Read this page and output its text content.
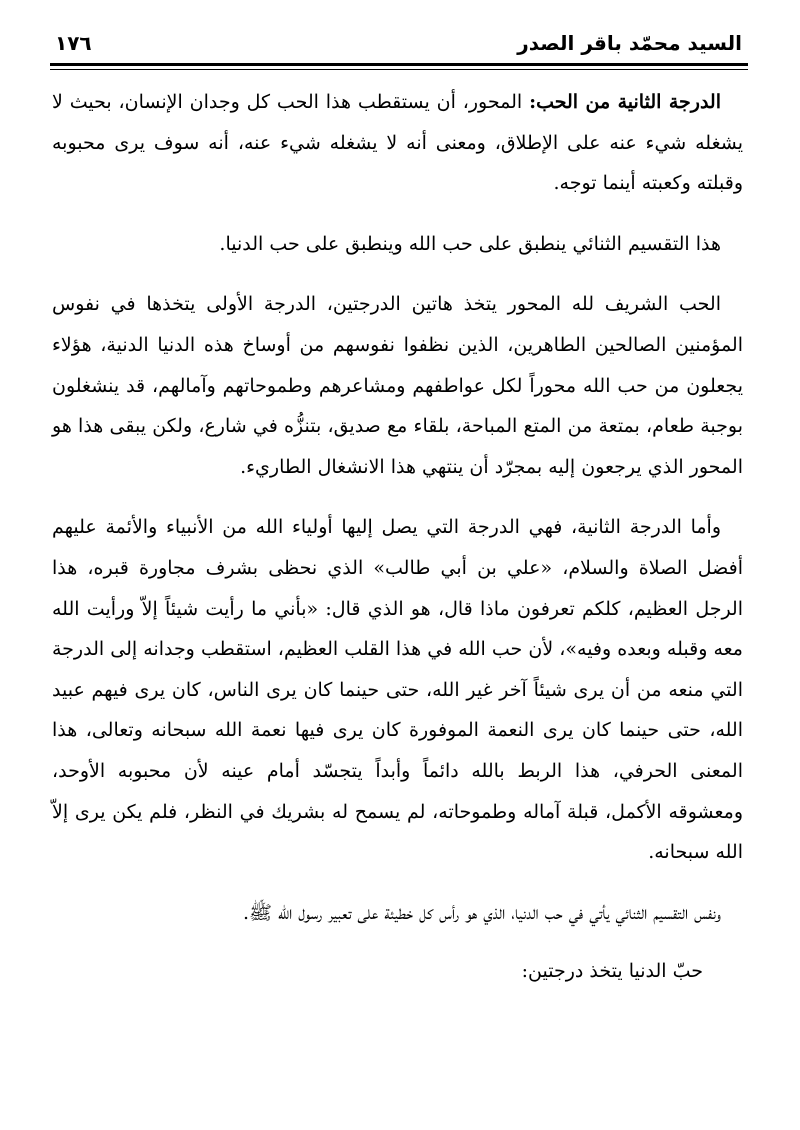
السيد محمّد باقر الصدر
١٧٦

الدرجة الثانية من الحب: المحور، أن يستقطب هذا الحب كل وجدان الإنسان، بحيث لا يشغله شيء عنه على الإطلاق، ومعنى أنه لا يشغله شيء عنه، أنه سوف يرى محبوبه وقبلته وكعبته أينما توجه.

هذا التقسيم الثنائي ينطبق على حب الله وينطبق على حب الدنيا.

الحب الشريف لله المحور يتخذ هاتين الدرجتين، الدرجة الأولى يتخذها في نفوس المؤمنين الصالحين الطاهرين، الذين نظفوا نفوسهم من أوساخ هذه الدنيا الدنية، هؤلاء يجعلون من حب الله محوراً لكل عواطفهم ومشاعرهم وطموحاتهم وآمالهم، قد ينشغلون بوجبة طعام، بمتعة من المتع المباحة، بلقاء مع صديق، بتنزُّه في شارع، ولكن يبقى هذا هو المحور الذي يرجعون إليه بمجرّد أن ينتهي هذا الانشغال الطاريء.

وأما الدرجة الثانية، فهي الدرجة التي يصل إليها أولياء الله من الأنبياء والأئمة عليهم أفضل الصلاة والسلام، «علي بن أبي طالب» الذي نحظى بشرف مجاورة قبره، هذا الرجل العظيم، كلكم تعرفون ماذا قال، هو الذي قال: «بأني ما رأيت شيئاً إلاّ ورأيت الله معه وقبله وبعده وفيه»، لأن حب الله في هذا القلب العظيم، استقطب وجدانه إلى الدرجة التي منعه من أن يرى شيئاً آخر غير الله، حتى حينما كان يرى الناس، كان يرى فيهم عبيد الله، حتى حينما كان يرى النعمة الموفورة كان يرى فيها نعمة الله سبحانه وتعالى، هذا المعنى الحرفي، هذا الربط بالله دائماً وأبداً يتجسّد أمام عينه لأن محبوبه الأوحد، ومعشوقه الأكمل، قبلة آماله وطموحاته، لم يسمح له بشريك في النظر، فلم يكن يرى إلاّ الله سبحانه.

ونفس التقسيم الثنائي يأتي في حب الدنيا، الذي هو رأس كل خطيئة على تعبير رسول الله ﷺ.

حبّ الدنيا يتخذ درجتين:
